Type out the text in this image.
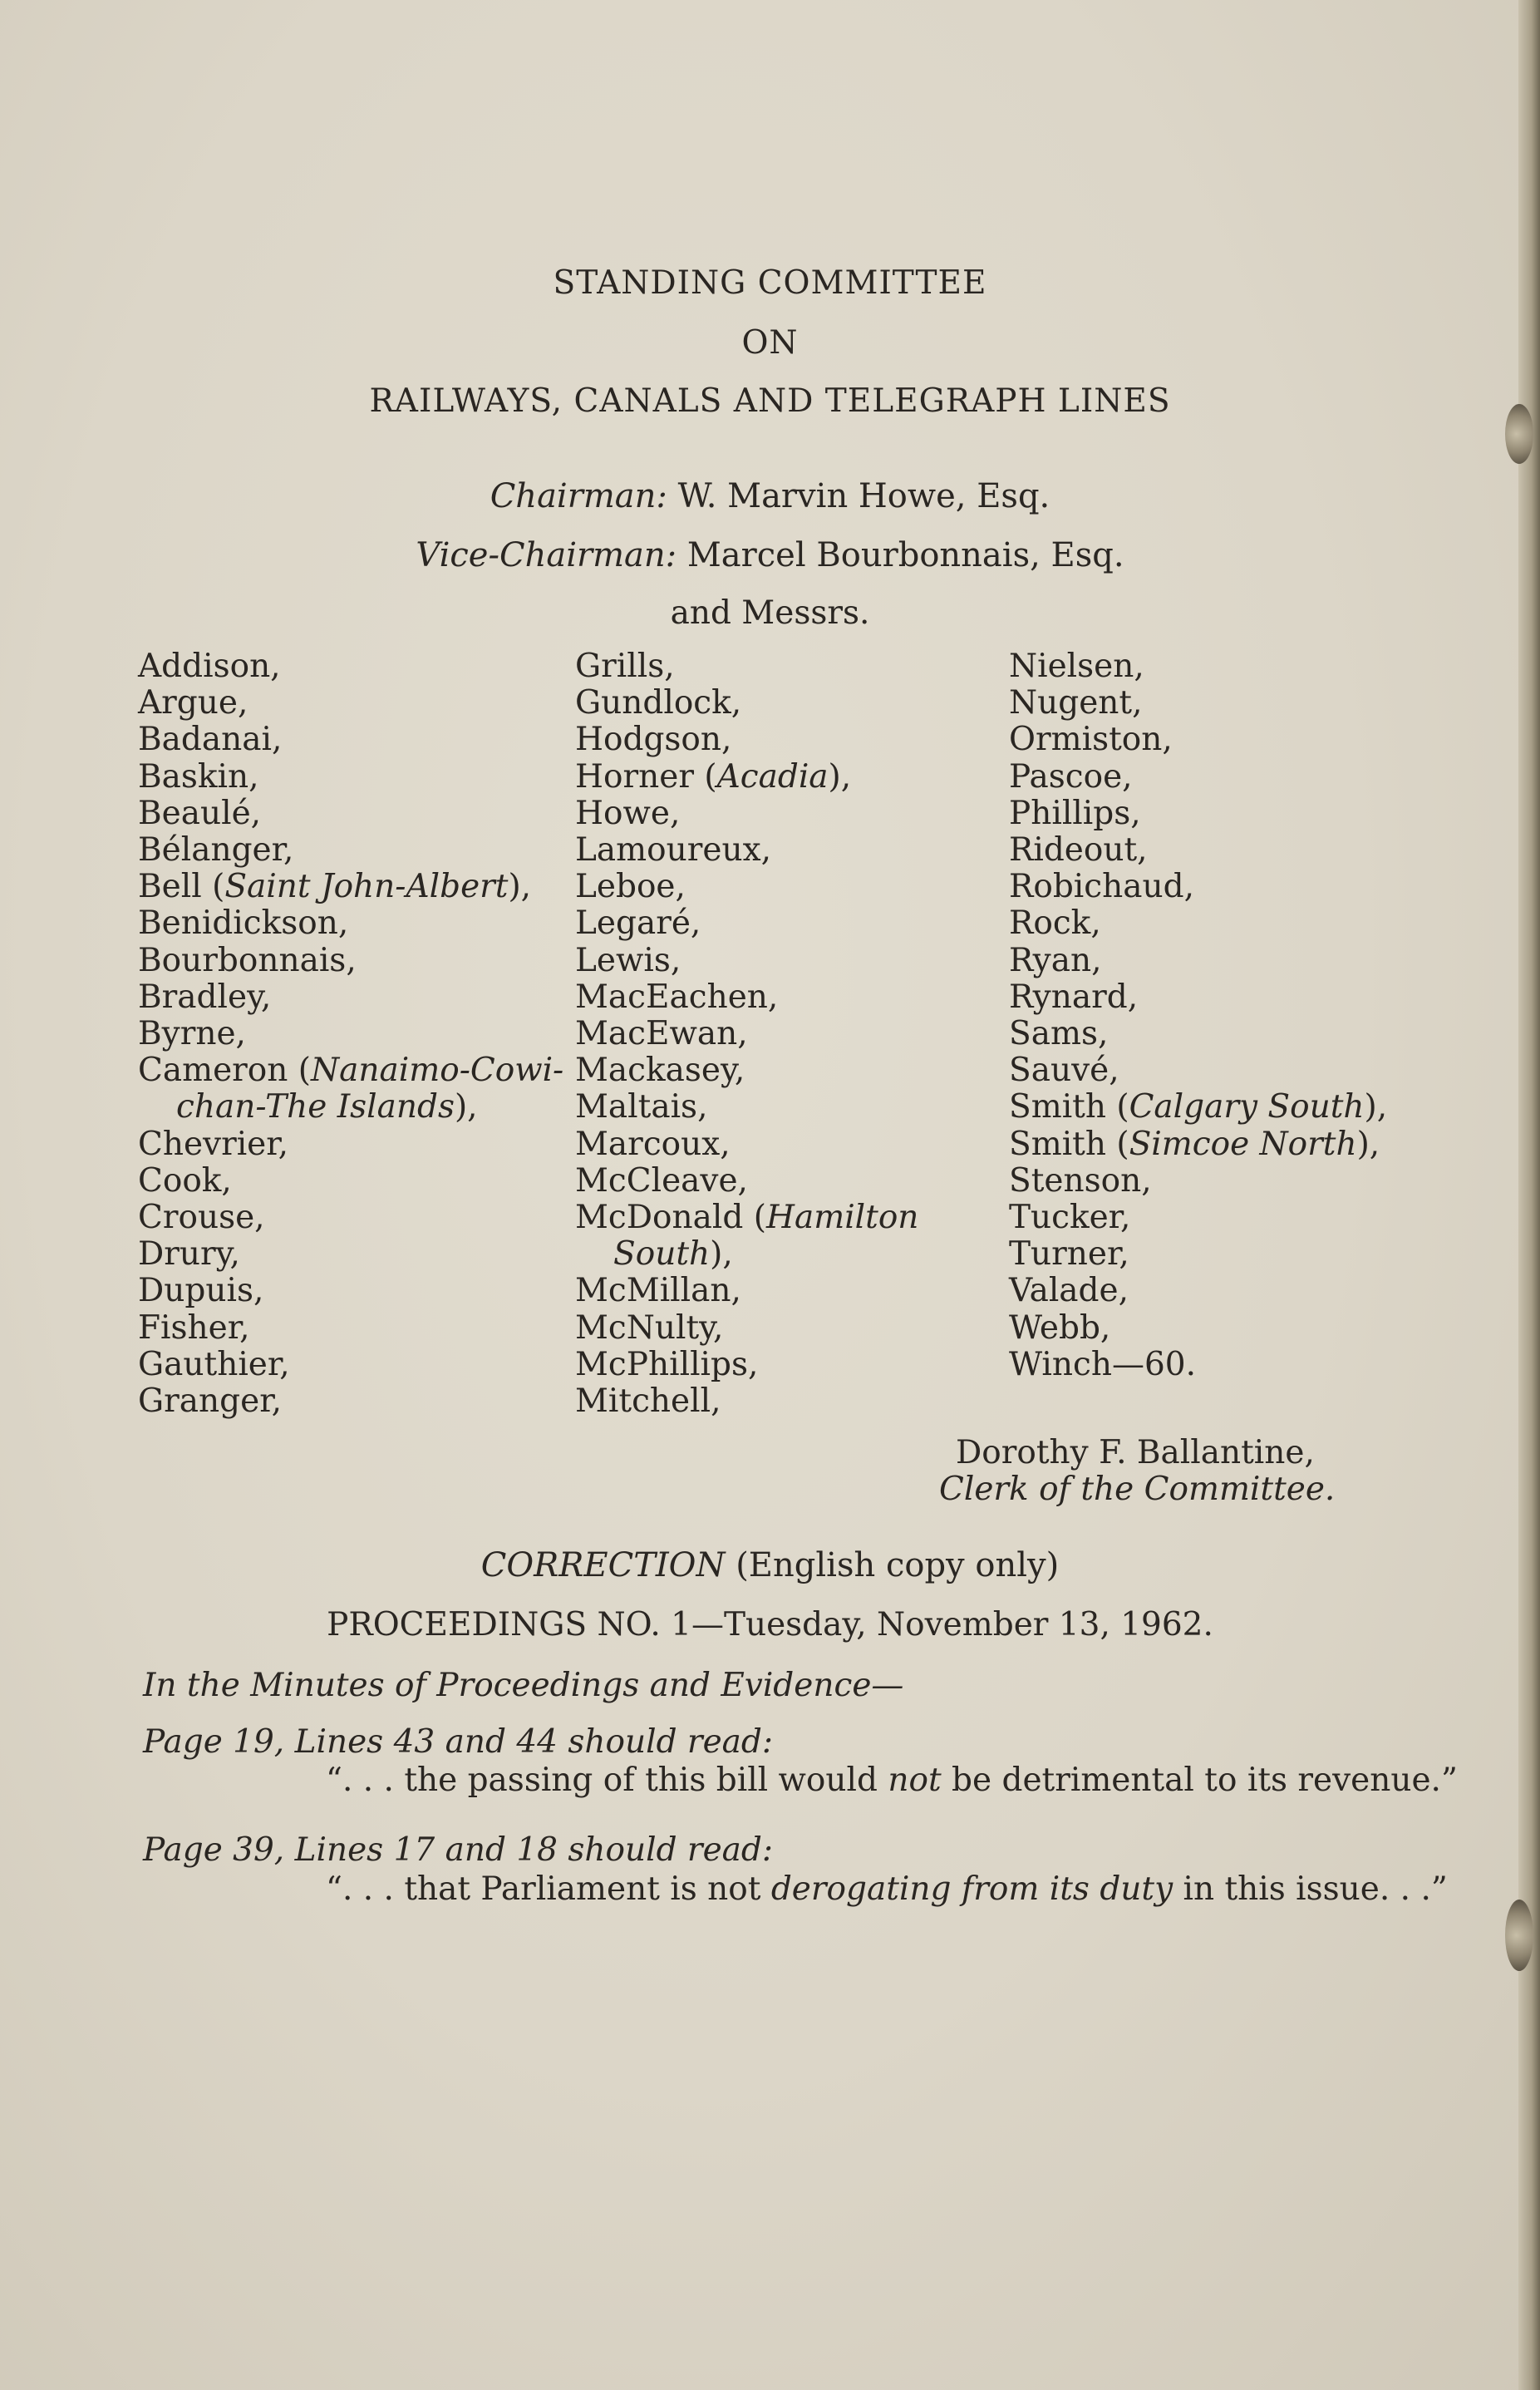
STANDING COMMITTEE
ON
RAILWAYS, CANALS AND TELEGRAPH LINES
Chairman: W. Marvin Howe, Esq.
Vice-Chairman: Marcel Bourbonnais, Esq.
and Messrs.
Addison,
Argue,
Badanai,
Baskin,
Beaulé,
Bélanger,
Bell (Saint John-Albert),
Benidickson,
Bourbonnais,
Bradley,
Byrne,
Cameron (Nanaimo-Cowi-
chan-The Islands),
Chevrier,
Cook,
Crouse,
Drury,
Dupuis,
Fisher,
Gauthier,
Granger,
Grills,
Gundlock,
Hodgson,
Horner (Acadia),
Howe,
Lamoureux,
Leboe,
Legaré,
Lewis,
MacEachen,
MacEwan,
Mackasey,
Maltais,
Marcoux,
McCleave,
McDonald (Hamilton
South),
McMillan,
McNulty,
McPhillips,
Mitchell,
Nielsen,
Nugent,
Ormiston,
Pascoe,
Phillips,
Rideout,
Robichaud,
Rock,
Ryan,
Rynard,
Sams,
Sauvé,
Smith (Calgary South),
Smith (Simcoe North),
Stenson,
Tucker,
Turner,
Valade,
Webb,
Winch—60.
Dorothy F. Ballantine,
Clerk of the Committee.
CORRECTION (English copy only)
PROCEEDINGS NO. 1—Tuesday, November 13, 1962.
In the Minutes of Proceedings and Evidence—
Page 19, Lines 43 and 44 should read:
“. . . the passing of this bill would not be detrimental to its revenue.”
Page 39, Lines 17 and 18 should read:
“. . . that Parliament is not derogating from its duty in this issue. . .”
